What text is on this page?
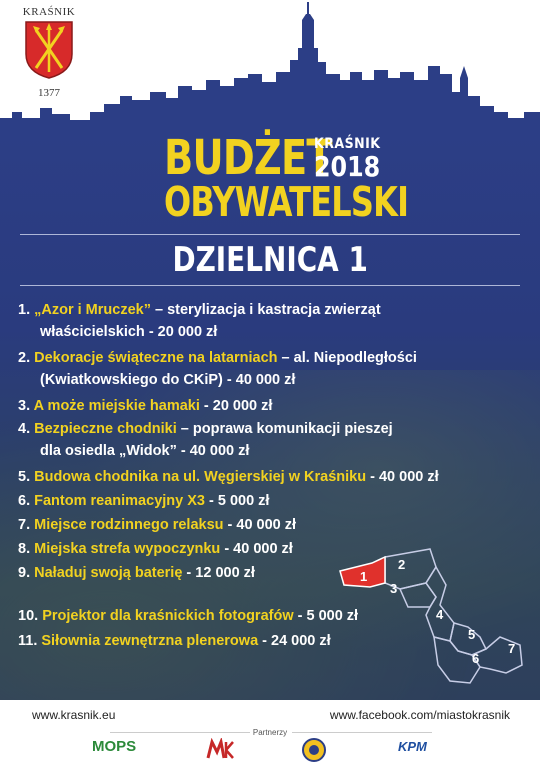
KRAŚNIK
1377
BUDŻET
KRAŚNIK
2018
OBYWATELSKI
DZIELNICA 1
1. „Azor i Mruczek” – sterylizacja i kastracja zwierząt
właścicielskich - 20 000 zł
2. Dekoracje świąteczne na latarniach – al. Niepodległości
(Kwiatkowskiego do CKiP) - 40 000 zł
3. A może miejskie hamaki - 20 000 zł
4. Bezpieczne chodniki – poprawa komunikacji pieszej
dla osiedla „Widok” - 40 000 zł
5. Budowa chodnika na ul. Węgierskiej w Kraśniku - 40 000 zł
6. Fantom reanimacyjny X3 - 5 000 zł
7. Miejsce rodzinnego relaksu - 40 000 zł
8. Miejska strefa wypoczynku - 40 000 zł
9. Naładuj swoją baterię - 12 000 zł
10. Projektor dla kraśnickich fotografów - 5 000 zł
11. Siłownia zewnętrzna plenerowa - 24 000 zł
1
2
3
4
5
6
7
www.krasnik.eu	www.facebook.com/miastokrasnik
Partnerzy
MOPS	KPM
